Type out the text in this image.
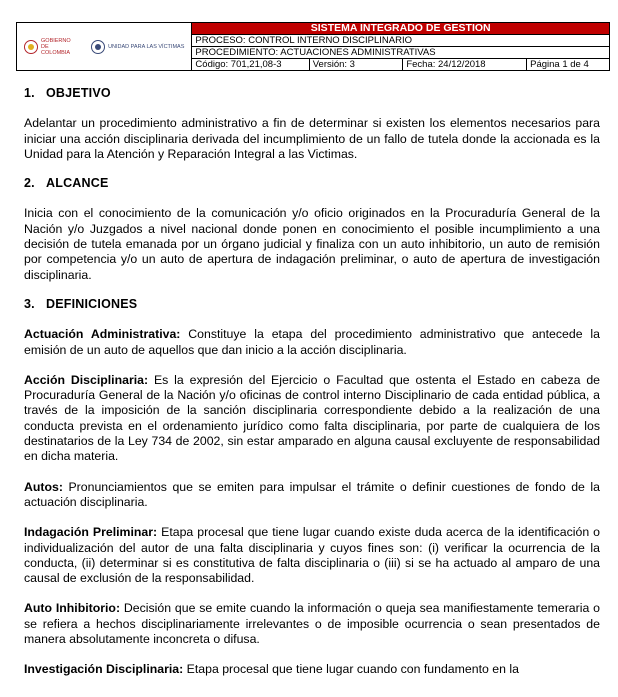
GOBIERNO DE COLOMBIA
UNIDAD PARA LAS VÍCTIMAS	SISTEMA INTEGRADO DE GESTION			
	PROCESO: CONTROL INTERNO DISCIPLINARIO			
	PROCEDIMIENTO: ACTUACIONES ADMINISTRATIVAS			
	Código: 701,21,08-3	Versión: 3	Fecha: 24/12/2018	Página 1 de 4
1. OBJETIVO

Adelantar un procedimiento administrativo a fin de determinar si existen los elementos necesarios para iniciar una acción disciplinaria derivada del incumplimiento de un fallo de tutela donde la accionada es la Unidad para la Atención y Reparación Integral a las Victimas.

2. ALCANCE

Inicia con el conocimiento de la comunicación y/o oficio originados en la Procuraduría General de la Nación y/o Juzgados a nivel nacional donde ponen en conocimiento el posible incumplimiento a una decisión de tutela emanada por un órgano judicial y finaliza con un auto inhibitorio, un auto de remisión por competencia y/o un auto de apertura de indagación preliminar, o auto de apertura de investigación disciplinaria.

3. DEFINICIONES

Actuación Administrativa: Constituye la etapa del procedimiento administrativo que antecede la emisión de un auto de aquellos que dan inicio a la acción disciplinaria.

Acción Disciplinaria: Es la expresión del Ejercicio o Facultad que ostenta el Estado en cabeza de Procuraduría General de la Nación y/o oficinas de control interno Disciplinario de cada entidad pública, a través de la imposición de la sanción disciplinaria correspondiente debido a la realización de una conducta prevista en el ordenamiento jurídico como falta disciplinaria, por parte de cualquiera de los destinatarios de la Ley 734 de 2002, sin estar amparado en alguna causal excluyente de responsabilidad en dicha materia.

Autos: Pronunciamientos que se emiten para impulsar el trámite o definir cuestiones de fondo de la actuación disciplinaria.

Indagación Preliminar: Etapa procesal que tiene lugar cuando existe duda acerca de la identificación o individualización del autor de una falta disciplinaria y cuyos fines son: (i) verificar la ocurrencia de la conducta, (ii) determinar si es constitutiva de falta disciplinaria o (iii) si se ha actuado al amparo de una causal de exclusión de la responsabilidad.

Auto Inhibitorio: Decisión que se emite cuando la información o queja sea manifiestamente temeraria o se refiera a hechos disciplinariamente irrelevantes o de imposible ocurrencia o sean presentados de manera absolutamente inconcreta o difusa.

Investigación Disciplinaria: Etapa procesal que tiene lugar cuando con fundamento en la
